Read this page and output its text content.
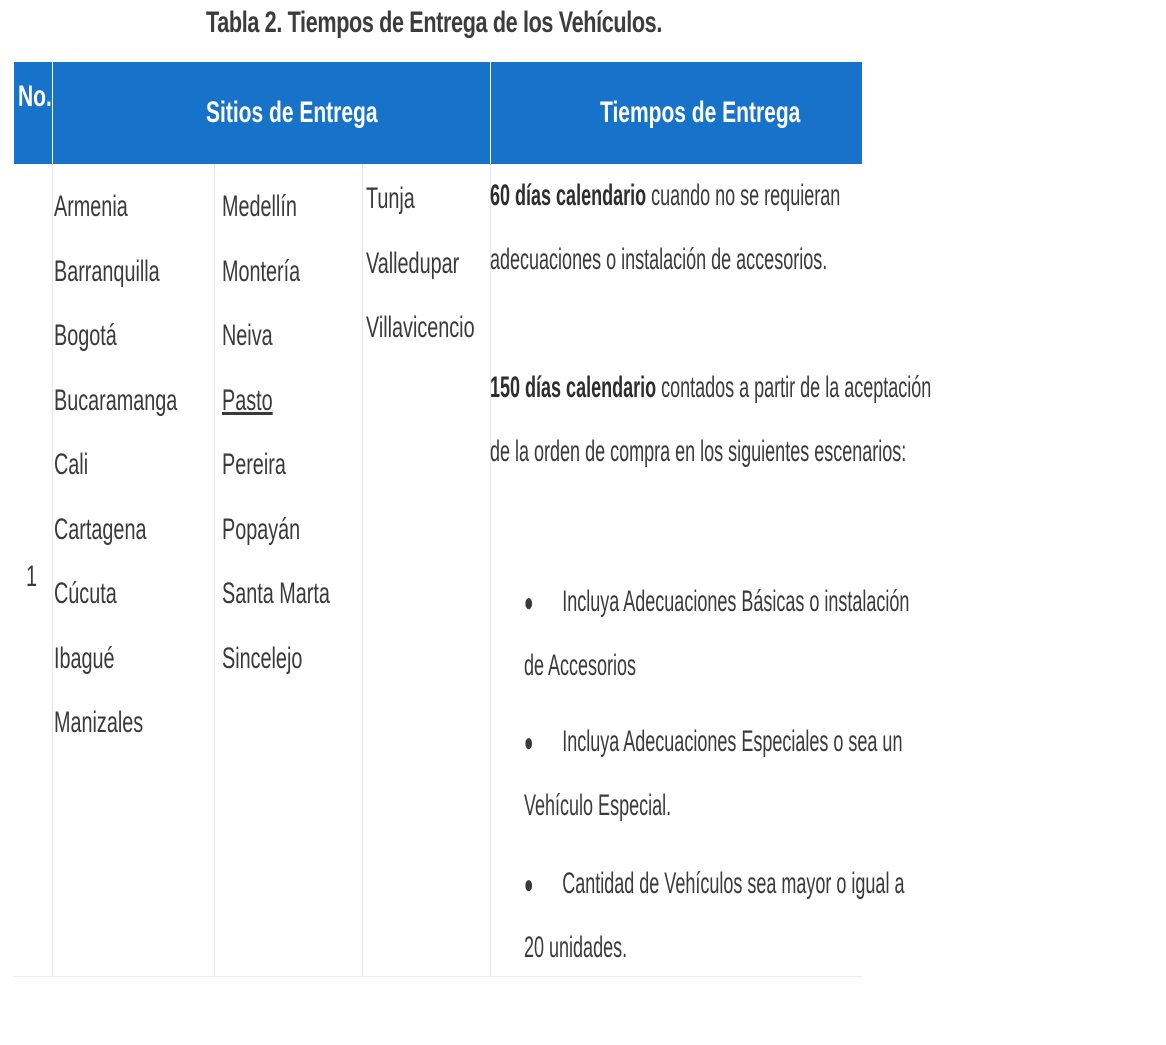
Tabla 2. Tiempos de Entrega de los Vehículos.
No.	Sitios de Entrega	Tiempos de Entrega
1
Armenia
Barranquilla
Bogotá
Bucaramanga
Cali
Cartagena
Cúcuta
Ibagué
Manizales
Medellín
Montería
Neiva
Pasto
Pereira
Popayán
Santa Marta
Sincelejo
Tunja
Valledupar
Villavicencio
60 días calendario cuando no se requieran
adecuaciones o instalación de accesorios.
150 días calendario contados a partir de la aceptación
de la orden de compra en los siguientes escenarios:
● Incluya Adecuaciones Básicas o instalación
de Accesorios
● Incluya Adecuaciones Especiales o sea un
Vehículo Especial.
● Cantidad de Vehículos sea mayor o igual a
20 unidades.
